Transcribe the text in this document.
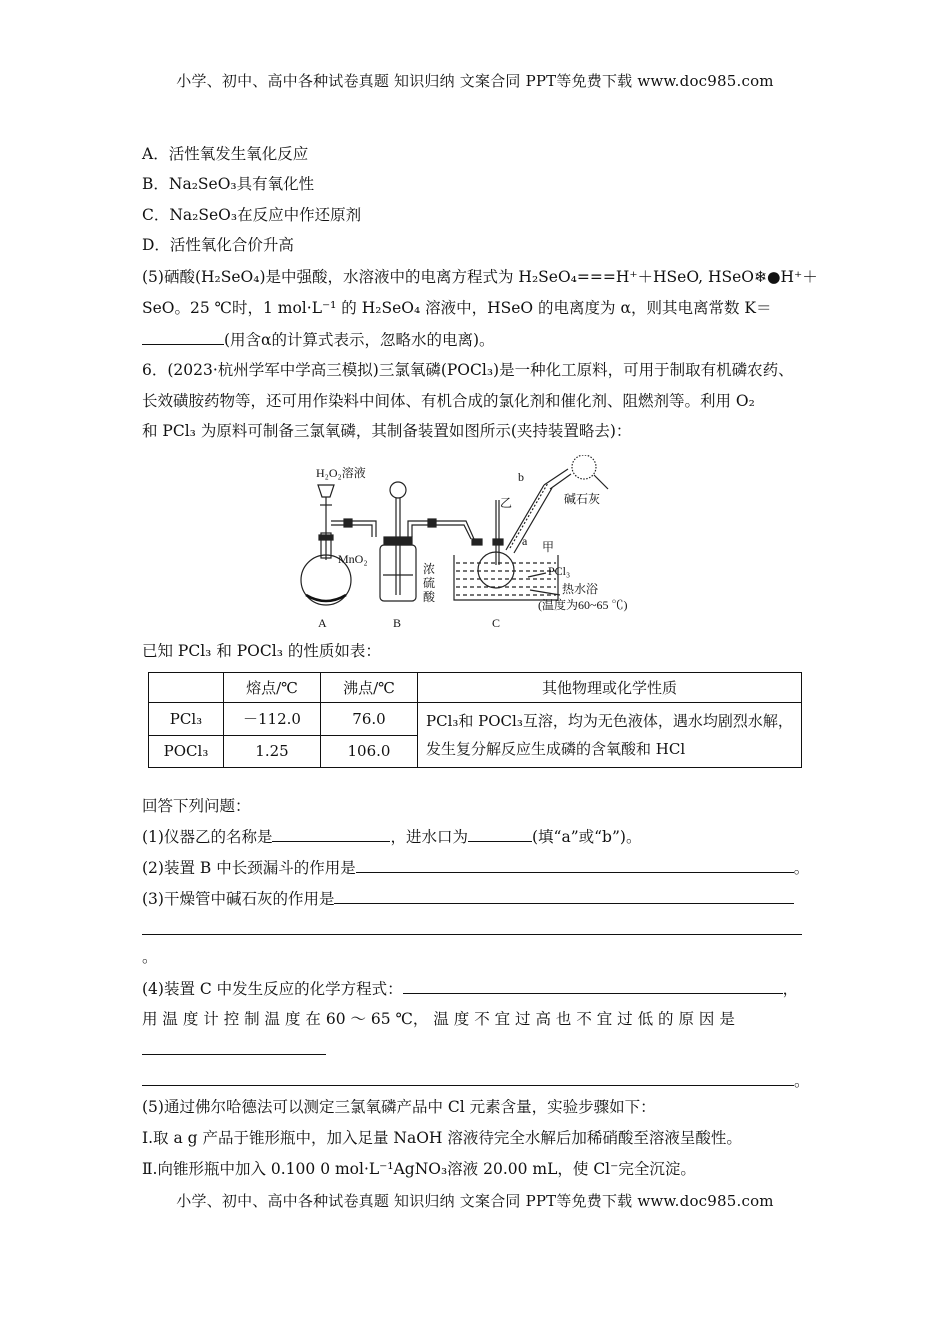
小学、初中、高中各种试卷真题 知识归纳 文案合同 PPT等免费下载 www.doc985.com
A．活性氧发生氧化反应
B．Na₂SeO₃具有氧化性
C．Na₂SeO₃在反应中作还原剂
D．活性氧化合价升高
(5)硒酸(H₂SeO₄)是中强酸，水溶液中的电离方程式为 H₂SeO₄===H⁺＋HSeO, HSeO❄●H⁺＋
SeO。25 ℃时，1 mol·L⁻¹ 的 H₂SeO₄ 溶液中，HSeO 的电离度为 α，则其电离常数 K＝
(用含α的计算式表示，忽略水的电离)。
6．(2023·杭州学军中学高三模拟)三氯氧磷(POCl₃)是一种化工原料，可用于制取有机磷农药、
长效磺胺药物等，还可用作染料中间体、有机合成的氯化剂和催化剂、阻燃剂等。利用 O₂
和 PCl₃ 为原料可制备三氯氧磷，其制备装置如图所示(夹持装置略去)：
H₂O₂溶液
MnO₂
浓
硫
酸
b
乙	碱石灰
a 甲
PCl₃
热水浴
(温度为60~65 ℃)
A	B	C
已知 PCl₃ 和 POCl₃ 的性质如表：
	熔点/℃	沸点/℃	其他物理或化学性质
PCl₃	－112.0	76.0	PCl₃和 POCl₃互溶，均为无色液体，遇水均剧烈水解，发生复分解反应生成磷的含氧酸和 HCl
POCl₃	1.25	106.0	
回答下列问题：
(1)仪器乙的名称是	，进水口为	(填“a”或“b”)。
(2)装置 B 中长颈漏斗的作用是	。
(3)干燥管中碱石灰的作用是
。
(4)装置 C 中发生反应的化学方程式：	，
用 温 度 计 控 制 温 度 在 60 ～ 65 ℃， 温 度 不 宜 过 高 也 不 宜 过 低 的 原 因 是
。
(5)通过佛尔哈德法可以测定三氯氧磷产品中 Cl 元素含量，实验步骤如下：
Ⅰ.取 a g 产品于锥形瓶中，加入足量 NaOH 溶液待完全水解后加稀硝酸至溶液呈酸性。
Ⅱ.向锥形瓶中加入 0.100 0 mol·L⁻¹AgNO₃溶液 20.00 mL，使 Cl⁻完全沉淀。
小学、初中、高中各种试卷真题 知识归纳 文案合同 PPT等免费下载 www.doc985.com
